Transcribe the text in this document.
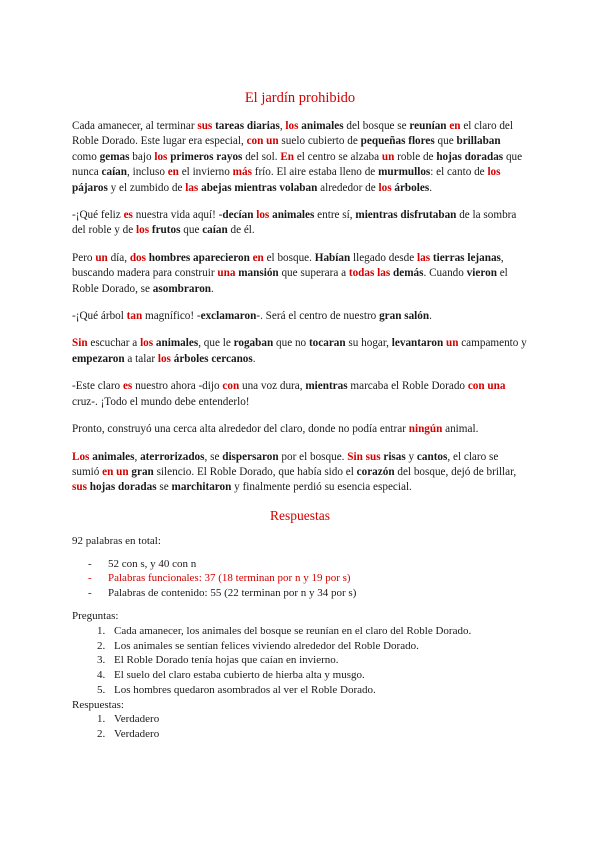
El jardín prohibido

Cada amanecer, al terminar sus tareas diarias, los animales del bosque se reunían en el claro del Roble Dorado. Este lugar era especial, con un suelo cubierto de pequeñas flores que brillaban como gemas bajo los primeros rayos del sol. En el centro se alzaba un roble de hojas doradas que nunca caían, incluso en el invierno más frío. El aire estaba lleno de murmullos: el canto de los pájaros y el zumbido de las abejas mientras volaban alrededor de los árboles.

-¡Qué feliz es nuestra vida aquí! -decían los animales entre sí, mientras disfrutaban de la sombra del roble y de los frutos que caían de él.

Pero un día, dos hombres aparecieron en el bosque. Habían llegado desde las tierras lejanas, buscando madera para construir una mansión que superara a todas las demás. Cuando vieron el Roble Dorado, se asombraron.

-¡Qué árbol tan magnífico! -exclamaron-. Será el centro de nuestro gran salón.

Sin escuchar a los animales, que le rogaban que no tocaran su hogar, levantaron un campamento y empezaron a talar los árboles cercanos.

-Este claro es nuestro ahora -dijo con una voz dura, mientras marcaba el Roble Dorado con una cruz-. ¡Todo el mundo debe entenderlo!

Pronto, construyó una cerca alta alrededor del claro, donde no podía entrar ningún animal.

Los animales, aterrorizados, se dispersaron por el bosque. Sin sus risas y cantos, el claro se sumió en un gran silencio. El Roble Dorado, que había sido el corazón del bosque, dejó de brillar, sus hojas doradas se marchitaron y finalmente perdió su esencia especial.

Respuestas

92 palabras en total:

- 52 con s, y 40 con n
- Palabras funcionales: 37 (18 terminan por n y 19 por s)
- Palabras de contenido: 55 (22 terminan por n y 34 por s)

Preguntas:

1. Cada amanecer, los animales del bosque se reunían en el claro del Roble Dorado.
2. Los animales se sentían felices viviendo alrededor del Roble Dorado.
3. El Roble Dorado tenía hojas que caían en invierno.
4. El suelo del claro estaba cubierto de hierba alta y musgo.
5. Los hombres quedaron asombrados al ver el Roble Dorado.

Respuestas:

1. Verdadero
2. Verdadero
